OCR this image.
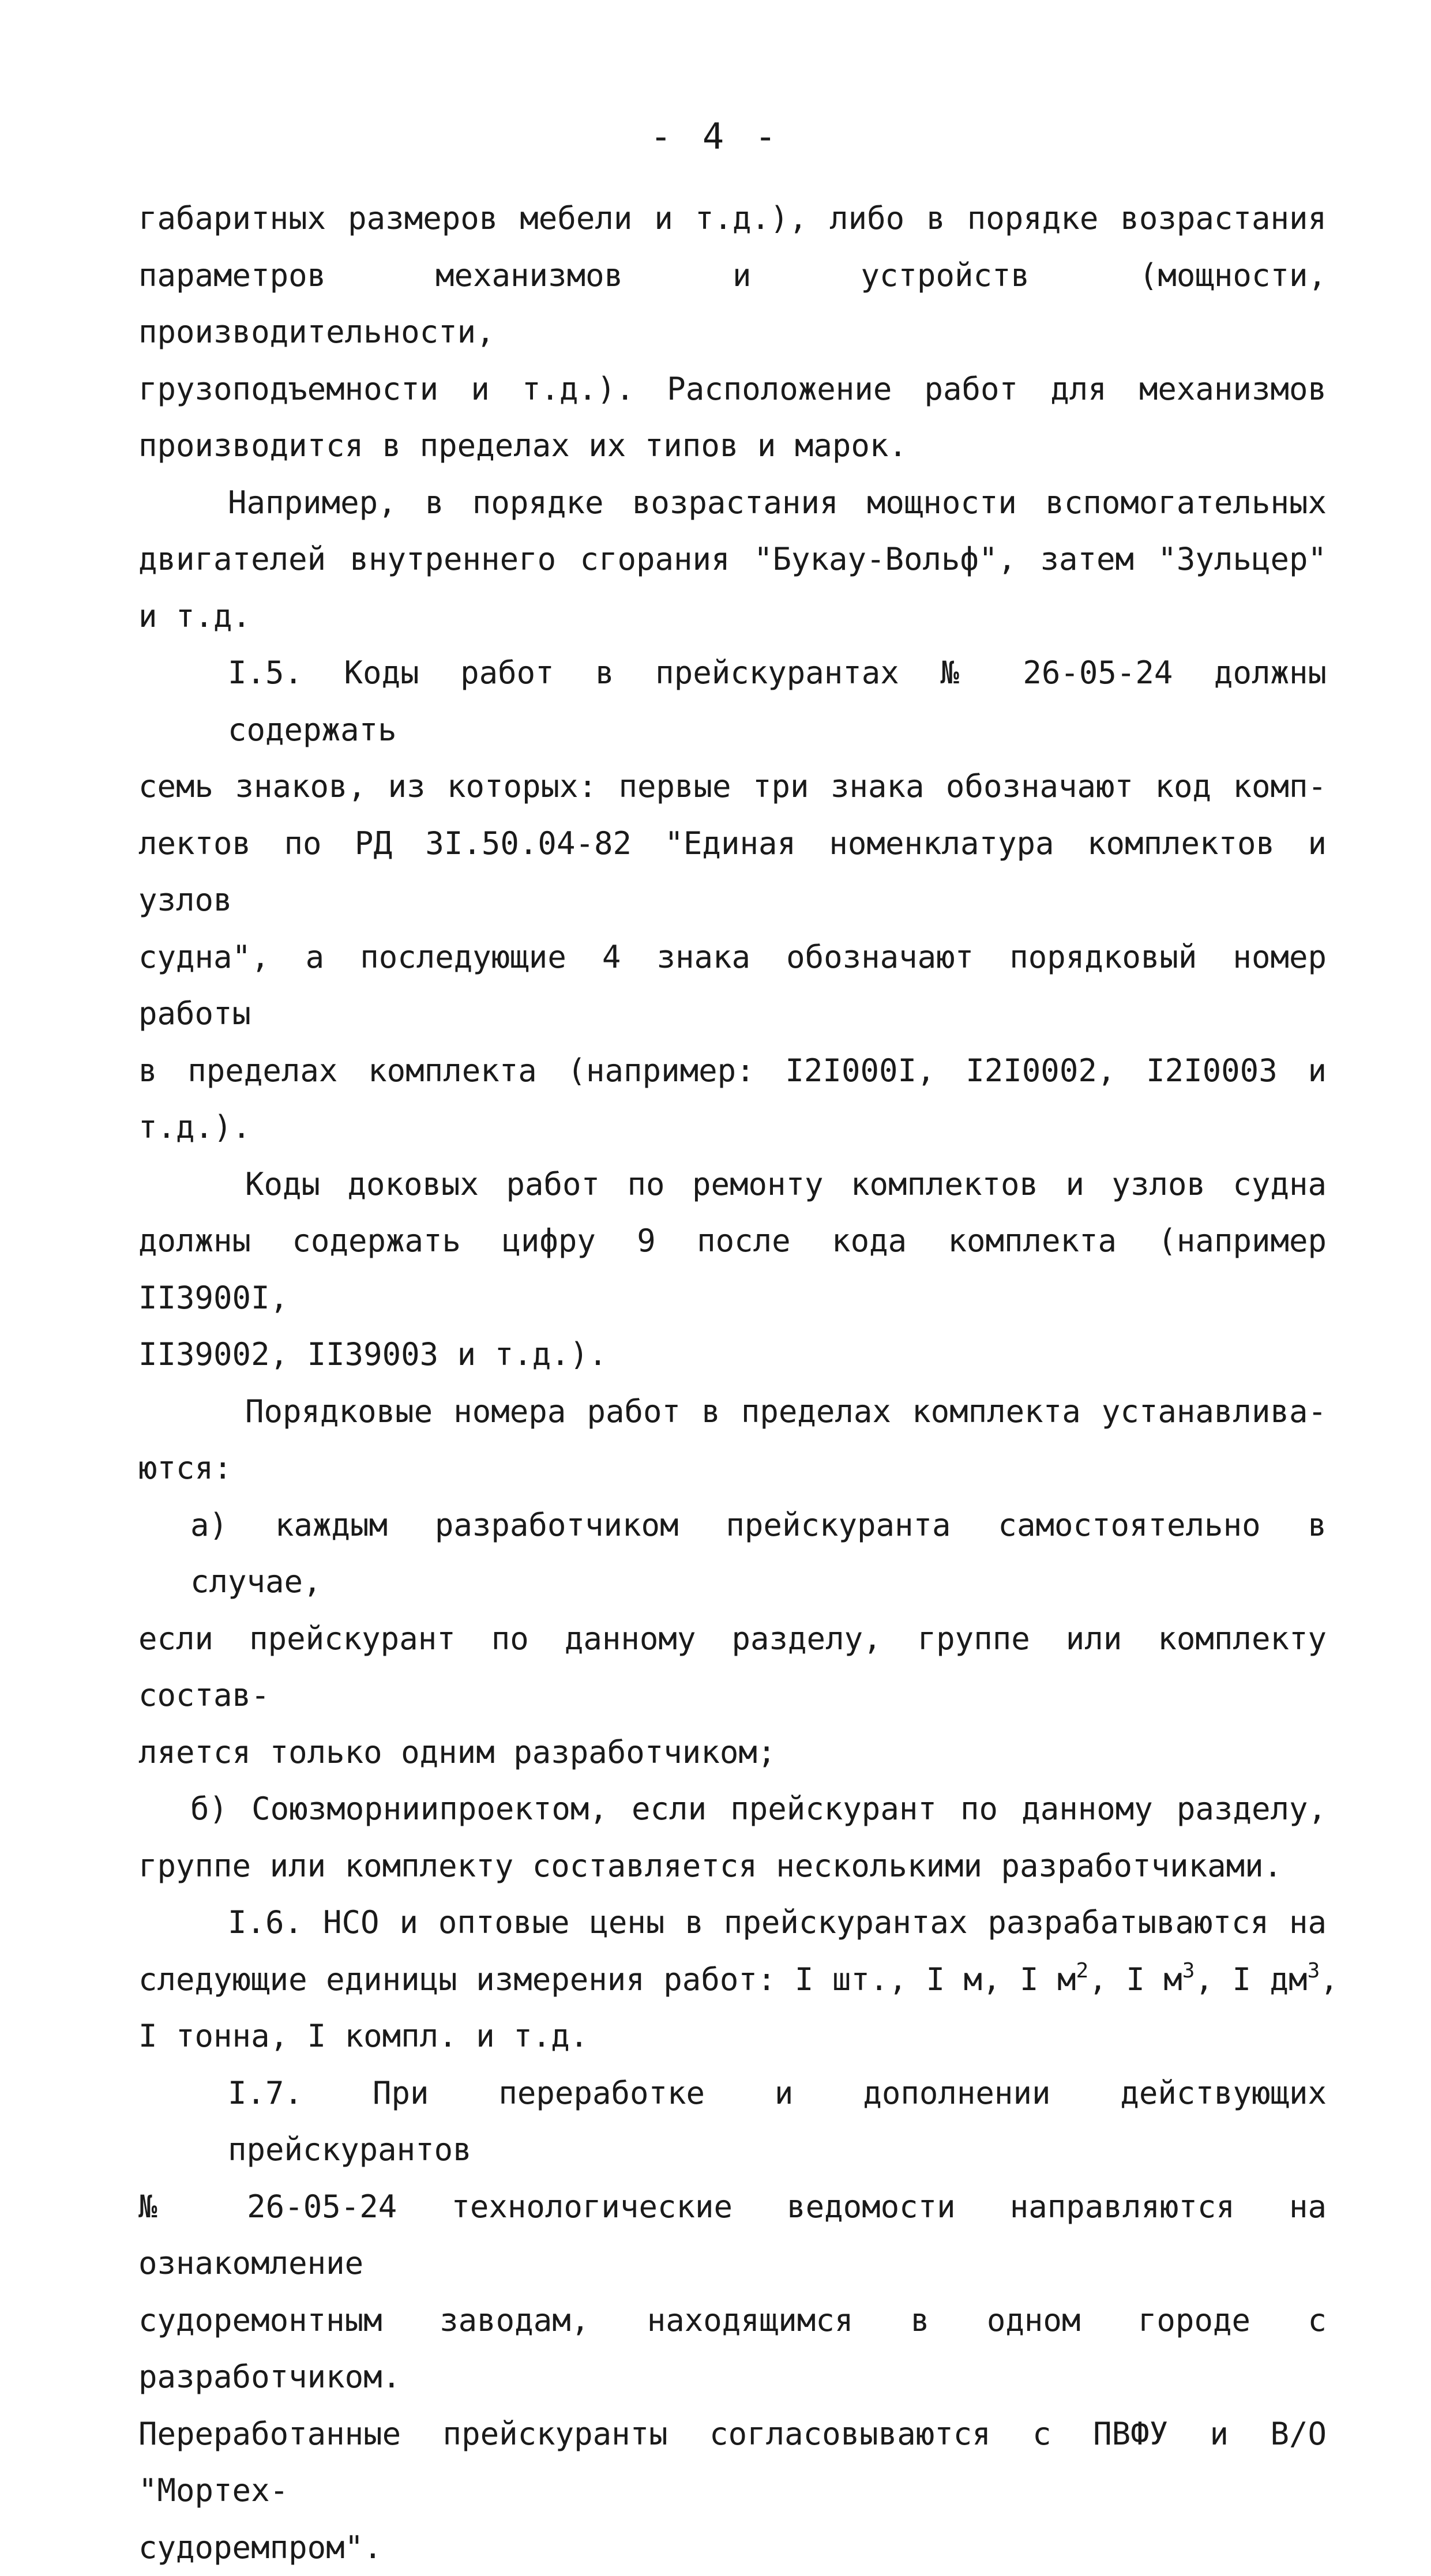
- 4 -
габаритных размеров мебели и т.д.), либо в порядке возрастания
параметров механизмов и устройств (мощности, производительности,
грузоподъемности и т.д.). Расположение работ для механизмов
производится в пределах их типов и марок.
Например, в порядке возрастания мощности вспомогательных
двигателей внутреннего сгорания "Букау-Вольф", затем "Зульцер"
и т.д.
I.5. Коды работ в прейскурантах № 26-05-24 должны содержать
семь знаков, из которых: первые три знака обозначают код комп-
лектов по РД 3I.50.04-82 "Единая номенклатура комплектов и узлов
судна", а последующие 4 знака обозначают порядковый номер работы
в пределах комплекта (например: I2I000I, I2I0002, I2I0003 и т.д.).
Коды доковых работ по ремонту комплектов и узлов судна
должны содержать цифру 9 после кода комплекта (например II3900I,
II39002, II39003 и т.д.).
Порядковые номера работ в пределах комплекта устанавлива-
ются:
а) каждым разработчиком прейскуранта самостоятельно в случае,
если прейскурант по данному разделу, группе или комплекту состав-
ляется только одним разработчиком;
б) Союзморниипроектом, если прейскурант по данному разделу,
группе или комплекту составляется несколькими разработчиками.
I.6. НСО и оптовые цены в прейскурантах разрабатываются на
следующие единицы измерения работ: I шт., I м, I $м^2$, I $м^3$, I $дм^3$,
I тонна, I компл. и т.д.
I.7. При переработке и дополнении действующих прейскурантов
№ 26-05-24 технологические ведомости направляются на ознакомление
судоремонтным заводам, находящимся в одном городе с разработчиком.
Переработанные прейскуранты согласовываются с ПВФУ и В/О "Мортех-
судоремпром".
